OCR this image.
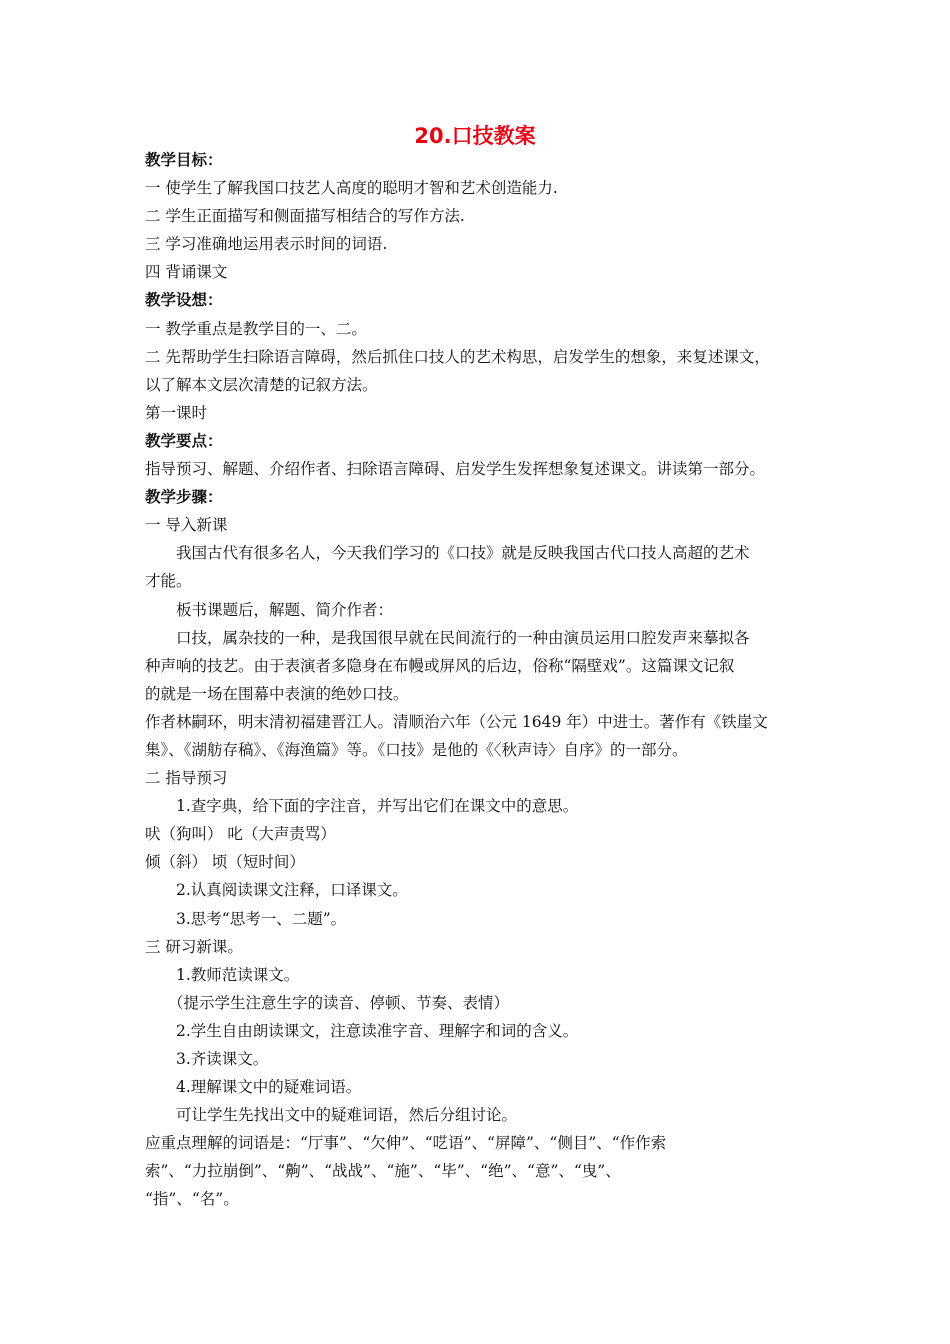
20.口技教案
教学目标：
一 使学生了解我国口技艺人高度的聪明才智和艺术创造能力.
二 学生正面描写和侧面描写相结合的写作方法.
三 学习准确地运用表示时间的词语.
四 背诵课文
教学设想：
一 教学重点是教学目的一、二。
二 先帮助学生扫除语言障碍，然后抓住口技人的艺术构思，启发学生的想象，来复述课文，
以了解本文层次清楚的记叙方法。
第一课时
教学要点：
指导预习、解题、介绍作者、扫除语言障碍、启发学生发挥想象复述课文。讲读第一部分。
教学步骤：
一 导入新课
我国古代有很多名人，今天我们学习的《口技》就是反映我国古代口技人高超的艺术
才能。
板书课题后，解题、简介作者：
口技，属杂技的一种，是我国很早就在民间流行的一种由演员运用口腔发声来摹拟各
种声响的技艺。由于表演者多隐身在布幔或屏风的后边，俗称“隔壁戏”。这篇课文记叙
的就是一场在围幕中表演的绝妙口技。
作者林嗣环，明末清初福建晋江人。清顺治六年（公元 1649 年）中进士。著作有《铁崖文
集》、《湖舫存稿》、《海渔篇》等。《口技》是他的《〈秋声诗〉自序》的一部分。
二 指导预习
1.查字典，给下面的字注音，并写出它们在课文中的意思。
吠（狗叫） 叱（大声责骂）
倾（斜） 顷（短时间）
2.认真阅读课文注释，口译课文。
3.思考“思考一、二题”。
三 研习新课。
1.教师范读课文。
（提示学生注意生字的读音、停顿、节奏、表情）
2.学生自由朗读课文，注意读准字音、理解字和词的含义。
3.齐读课文。
4.理解课文中的疑难词语。
可让学生先找出文中的疑难词语，然后分组讨论。
应重点理解的词语是：“厅事”、“欠伸”、“呓语”、“屏障”、“侧目”、“作作索
索”、“力拉崩倒”、“齁”、“战战”、“施”、“毕”、“绝”、“意”、“曳”、
“指”、“名”。
